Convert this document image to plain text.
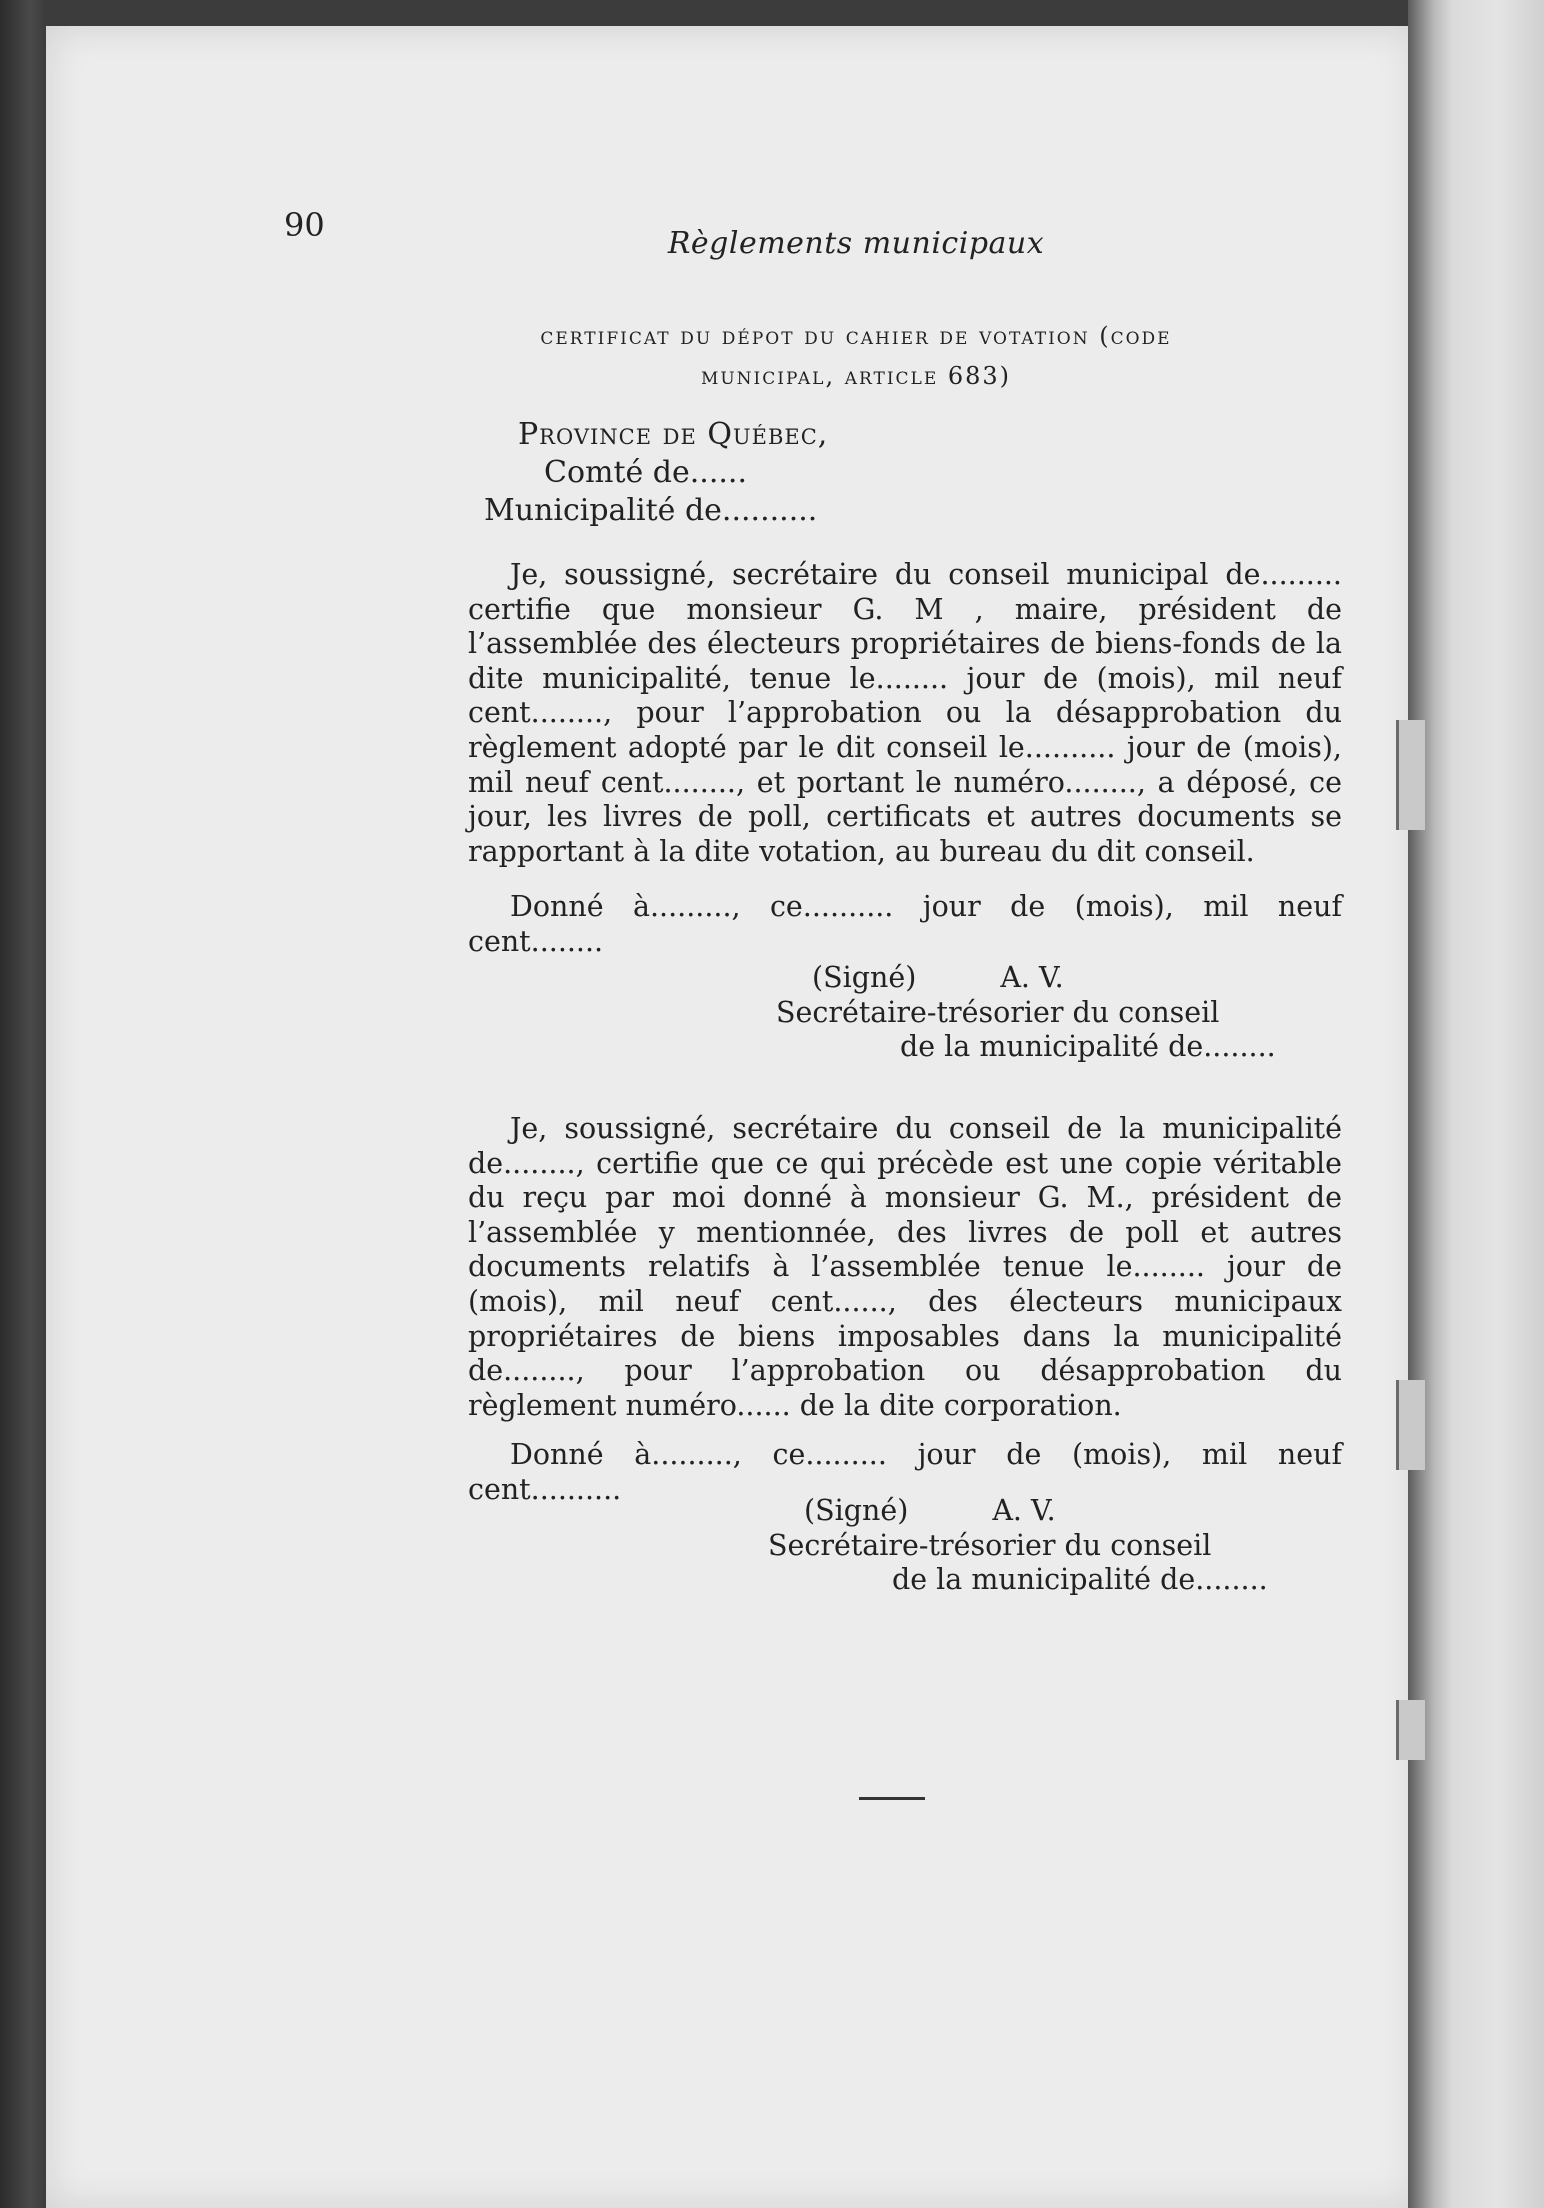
90	Règlements municipaux
certificat du dépot du cahier de votation (code
municipal, article 683)
Province de Québec,
Comté de......
Municipalité de..........
Je, soussigné, secrétaire du conseil municipal de......... certifie que monsieur G. M , maire, président de l’assemblée des électeurs propriétaires de biens-fonds de la dite municipalité, tenue le........ jour de (mois), mil neuf cent........, pour l’approbation ou la désapprobation du règlement adopté par le dit conseil le.......... jour de (mois), mil neuf cent........, et portant le numéro........, a déposé, ce jour, les livres de poll, certificats et autres documents se rapportant à la dite votation, au bureau du dit conseil.
Donné à........., ce.......... jour de (mois), mil neuf cent........
(Signé)	A. V.
Secrétaire-trésorier du conseil
de la municipalité de........
Je, soussigné, secrétaire du conseil de la municipalité de........, certifie que ce qui précède est une copie véritable du reçu par moi donné à monsieur G. M., président de l’assemblée y mentionnée, des livres de poll et autres documents relatifs à l’assemblée tenue le........ jour de (mois), mil neuf cent......, des électeurs municipaux propriétaires de biens imposables dans la municipalité de........, pour l’approbation ou désapprobation du règlement numéro...... de la dite corporation.
Donné à........., ce......... jour de (mois), mil neuf cent..........
(Signé)	A. V.
Secrétaire-trésorier du conseil
de la municipalité de........
